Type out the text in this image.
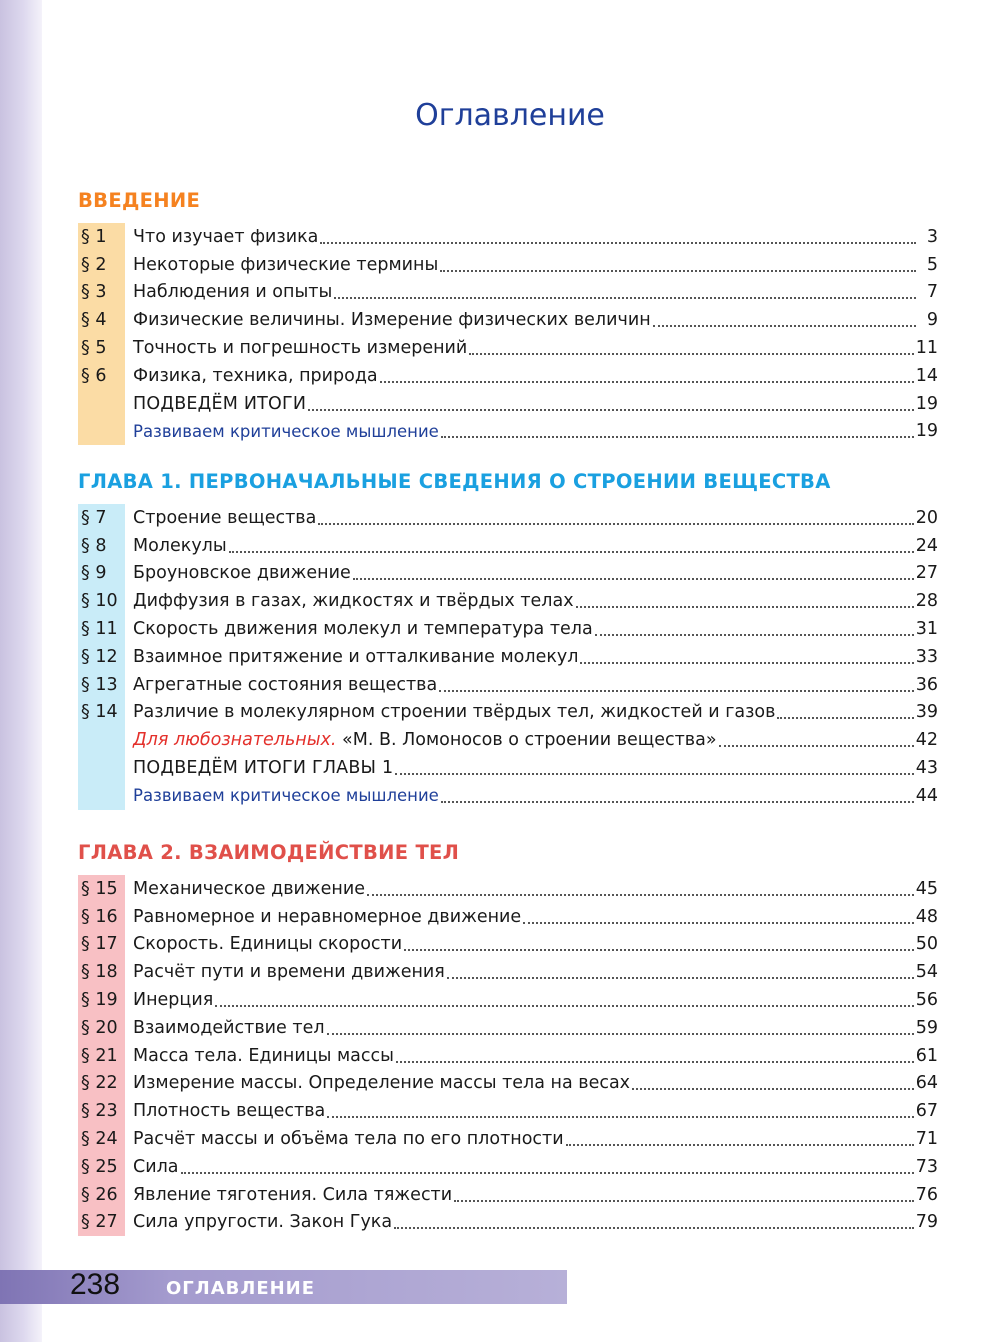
Оглавление
ВВЕДЕНИЕ
§ 1	Что изучает физика	3
§ 2	Некоторые физические термины	5
§ 3	Наблюдения и опыты	7
§ 4	Физические величины. Измерение физических величин	9
§ 5	Точность и погрешность измерений	11
§ 6	Физика, техника, природа	14
ПОДВЕДЁМ ИТОГИ	19
Развиваем критическое мышление	19
ГЛАВА 1. ПЕРВОНАЧАЛЬНЫЕ СВЕДЕНИЯ О СТРОЕНИИ ВЕЩЕСТВА
§ 7	Строение вещества	20
§ 8	Молекулы	24
§ 9	Броуновское движение	27
§ 10 Диффузия в газах, жидкостях и твёрдых телах	28
§ 11 Скорость движения молекул и температура тела	31
§ 12 Взаимное притяжение и отталкивание молекул	33
§ 13 Агрегатные состояния вещества	36
§ 14 Различие в молекулярном строении твёрдых тел, жидкостей и газов	39
Для любознательных. «М. В. Ломоносов о строении вещества»	42
ПОДВЕДЁМ ИТОГИ ГЛАВЫ 1	43
Развиваем критическое мышление	44
ГЛАВА 2. ВЗАИМОДЕЙСТВИЕ ТЕЛ
§ 15 Механическое движение	45
§ 16 Равномерное и неравномерное движение	48
§ 17 Скорость. Единицы скорости	50
§ 18 Расчёт пути и времени движения	54
§ 19 Инерция	56
§ 20 Взаимодействие тел	59
§ 21 Масса тела. Единицы массы	61
§ 22 Измерение массы. Определение массы тела на весах	64
§ 23 Плотность вещества	67
§ 24 Расчёт массы и объёма тела по его плотности	71
§ 25 Сила	73
§ 26 Явление тяготения. Сила тяжести	76
§ 27 Сила упругости. Закон Гука	79
238	ОГЛАВЛЕНИЕ
